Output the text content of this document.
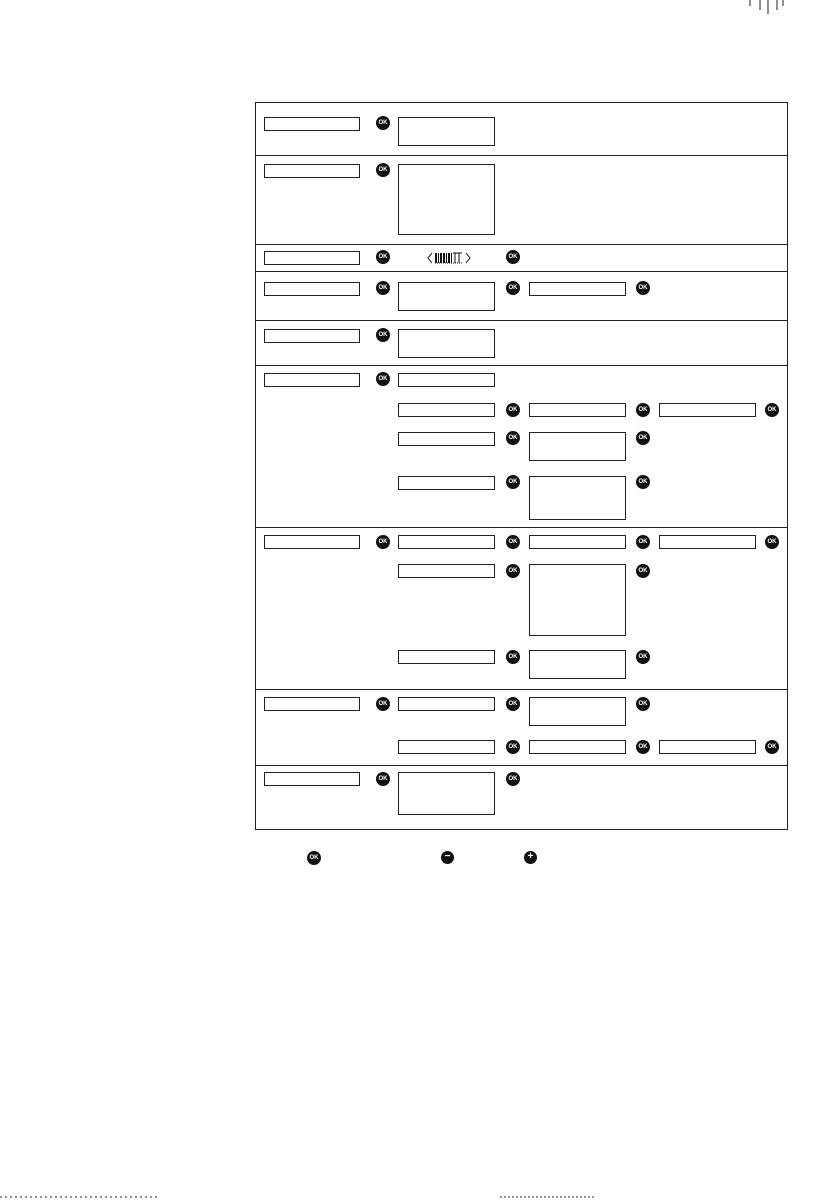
OK
OK
OK	OK
OK	OK	OK
OK
OK
OK	OK	OK
OK	OK
OK	OK
OK	OK	OK	OK
OK	OK
OK	OK
OK	OK	OK
OK	OK	OK
OK	OK
OK	−	+
